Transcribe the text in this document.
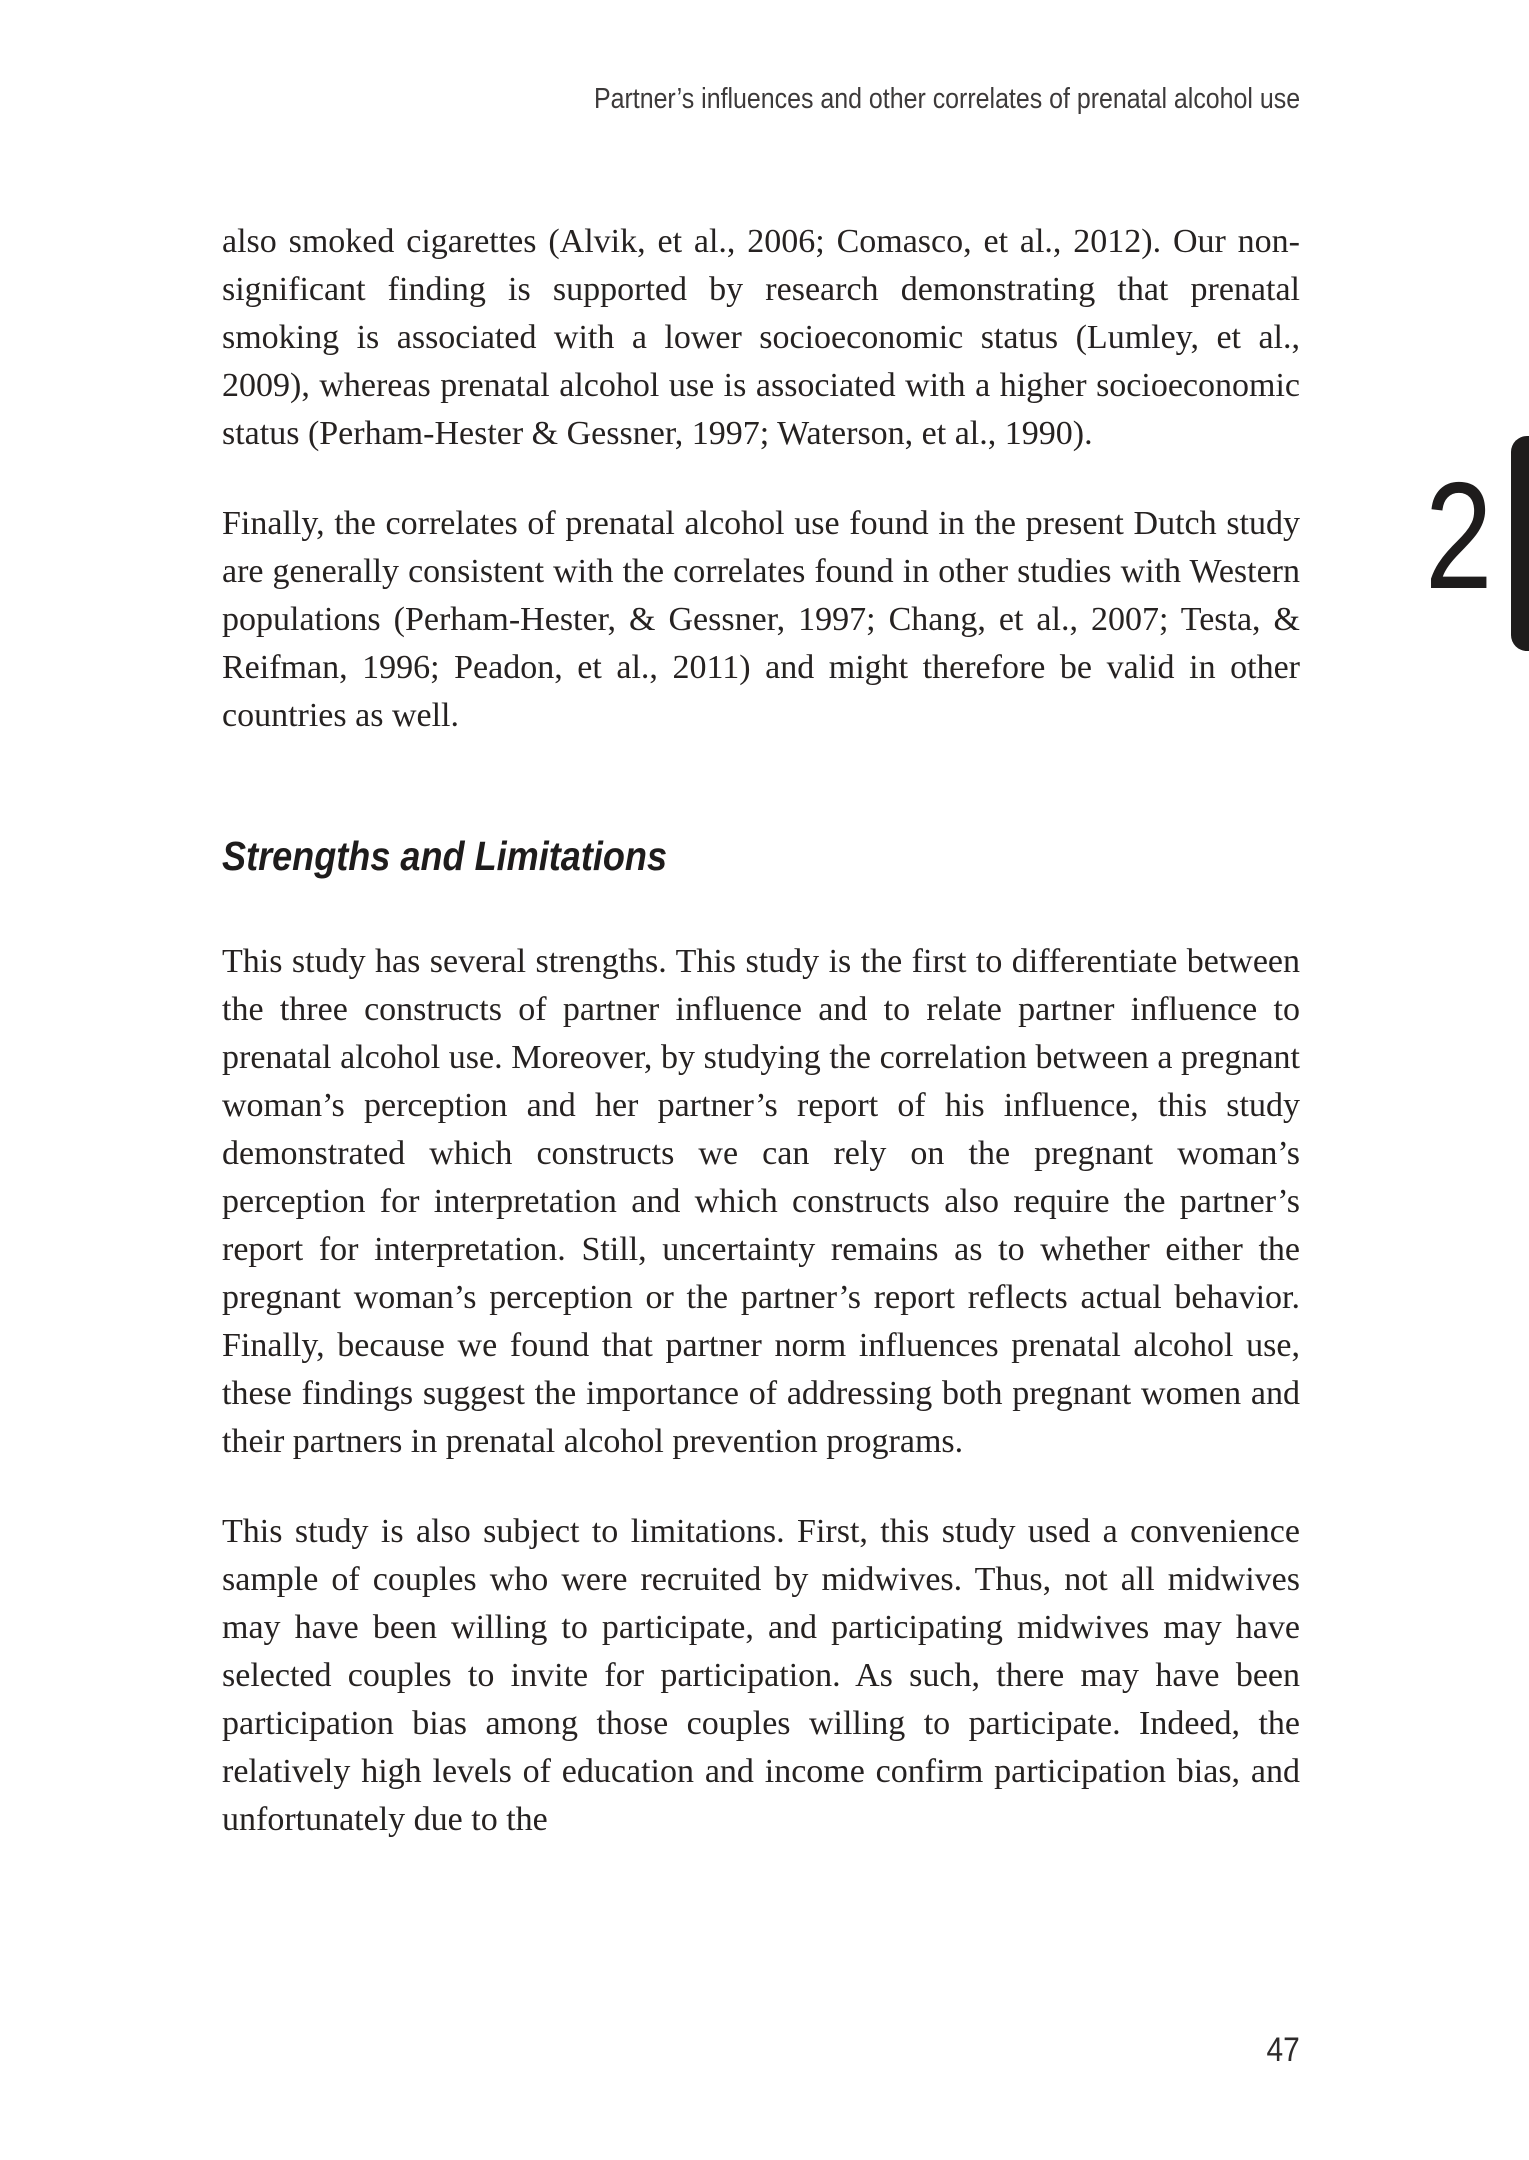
Partner’s influences and other correlates of prenatal alcohol use

also smoked cigarettes (Alvik, et al., 2006; Comasco, et al., 2012). Our non-significant finding is supported by research demonstrating that prenatal smoking is associated with a lower socioeconomic status (Lumley, et al., 2009), whereas prenatal alcohol use is associated with a higher socioeconomic status (Perham-Hester & Gessner, 1997; Waterson, et al., 1990).

Finally, the correlates of prenatal alcohol use found in the present Dutch study are generally consistent with the correlates found in other studies with Western populations (Perham-Hester, & Gessner, 1997; Chang, et al., 2007; Testa, & Reifman, 1996; Peadon, et al., 2011) and might therefore be valid in other countries as well.

Strengths and Limitations

This study has several strengths. This study is the first to differentiate between the three constructs of partner influence and to relate partner influence to prenatal alcohol use. Moreover, by studying the correlation between a pregnant woman’s perception and her partner’s report of his influence, this study demonstrated which constructs we can rely on the pregnant woman’s perception for interpretation and which constructs also require the partner’s report for interpretation. Still, uncertainty remains as to whether either the pregnant woman’s perception or the partner’s report reflects actual behavior. Finally, because we found that partner norm influences prenatal alcohol use, these findings suggest the importance of addressing both pregnant women and their partners in prenatal alcohol prevention programs.

This study is also subject to limitations. First, this study used a convenience sample of couples who were recruited by midwives. Thus, not all midwives may have been willing to participate, and participating midwives may have selected couples to invite for participation. As such, there may have been participation bias among those couples willing to participate. Indeed, the relatively high levels of education and income confirm participation bias, and unfortunately due to the

2
47
